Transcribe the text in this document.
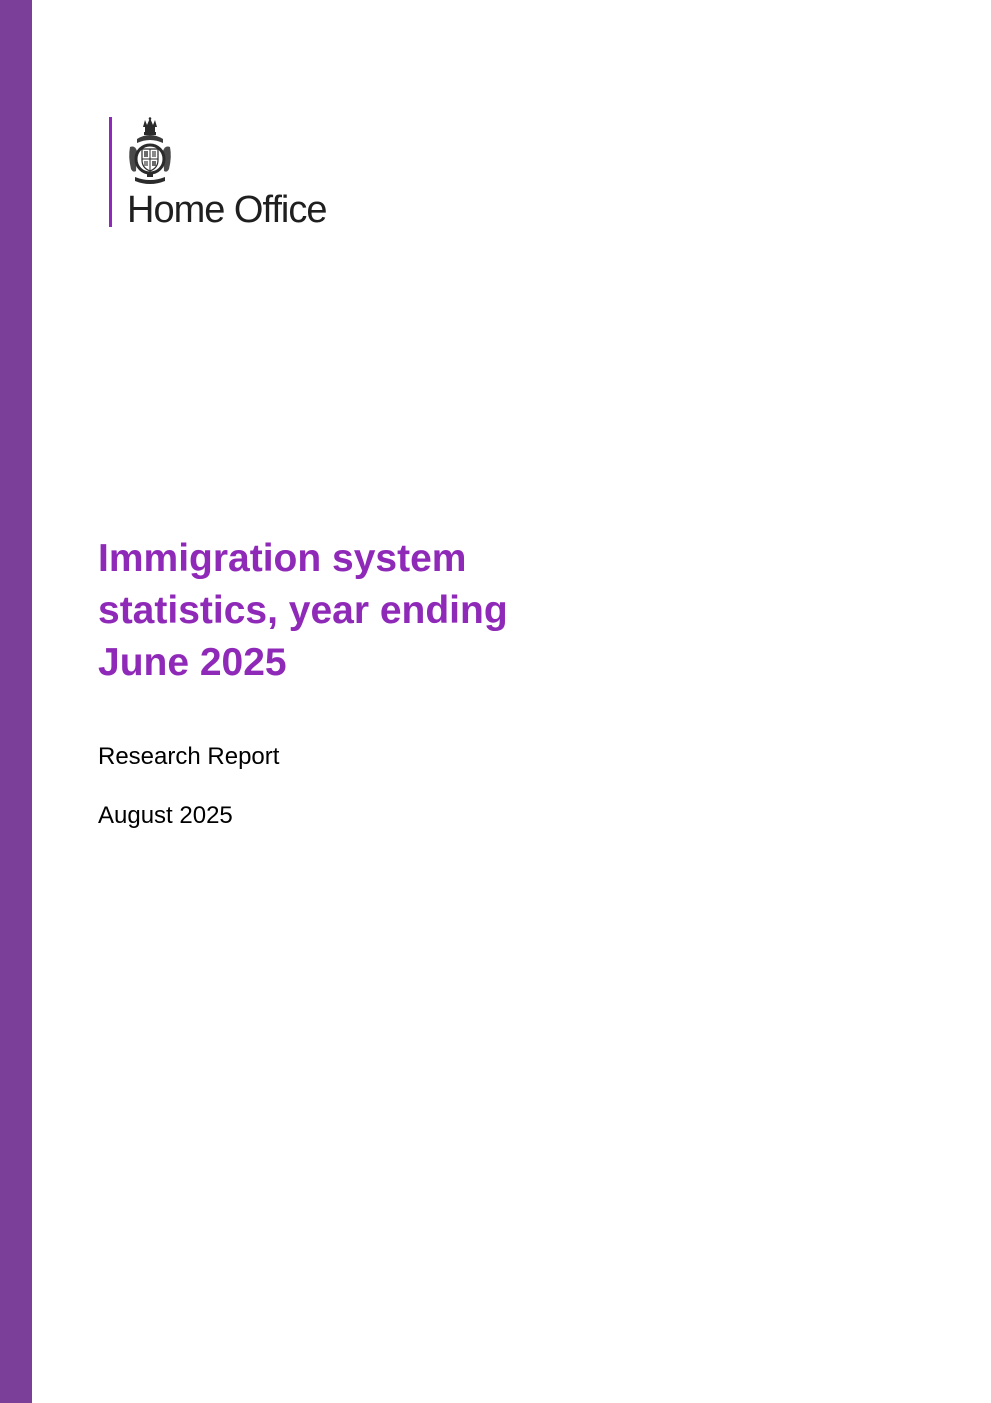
Home Office
Immigration system
statistics, year ending
June 2025

Research Report

August 2025
